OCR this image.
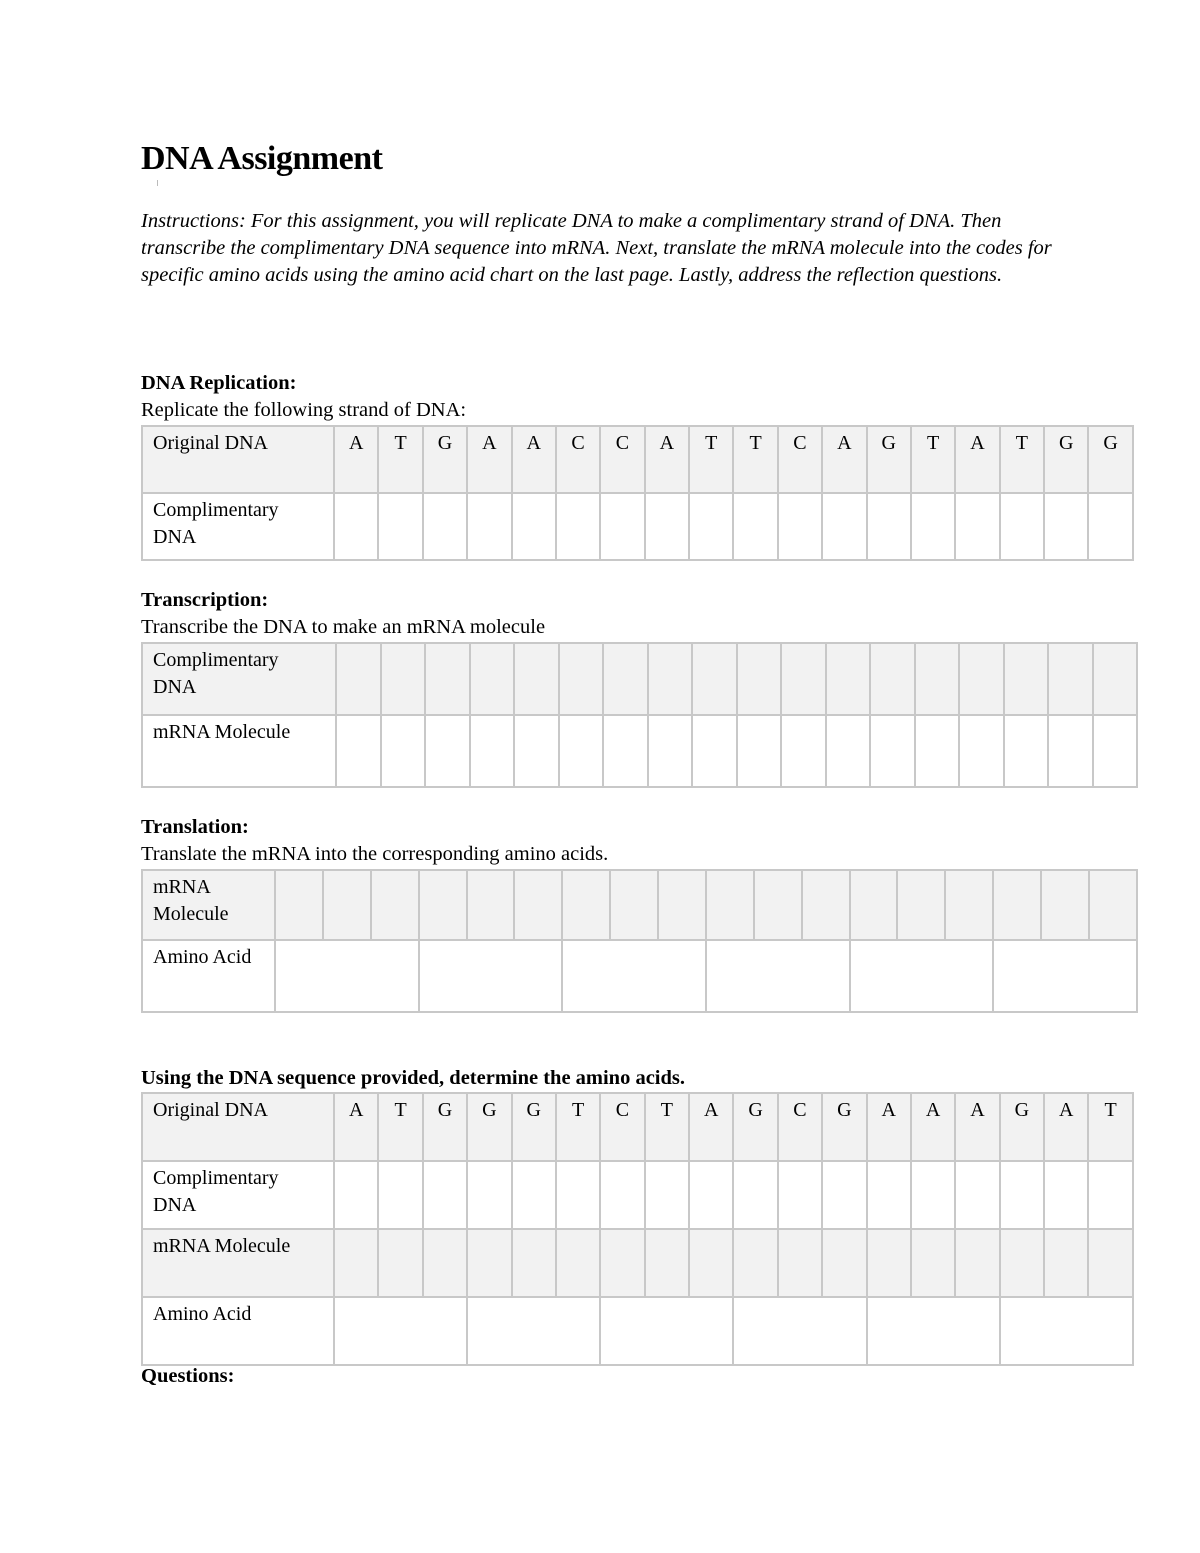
DNA Assignment
Instructions: For this assignment, you will replicate DNA to make a complimentary strand of DNA. Then transcribe the complimentary DNA sequence into mRNA. Next, translate the mRNA molecule into the codes for specific amino acids using the amino acid chart on the last page. Lastly, address the reflection questions.
DNA Replication:
Replicate the following strand of DNA:
Original DNA	A	T	G	A	A	C	C	A	T	T	C	A	G	T	A	T	G	G
Complimentary DNA																		
Transcription:
Transcribe the DNA to make an mRNA molecule
Complimentary DNA																		
mRNA Molecule																		
Translation:
Translate the mRNA into the corresponding amino acids.
mRNA Molecule																		
Amino Acid																		
Using the DNA sequence provided, determine the amino acids.
Original DNA	A	T	G	G	G	T	C	T	A	G	C	G	A	A	A	G	A	T
Complimentary DNA																		
mRNA Molecule																		
Amino Acid																		
Questions:
